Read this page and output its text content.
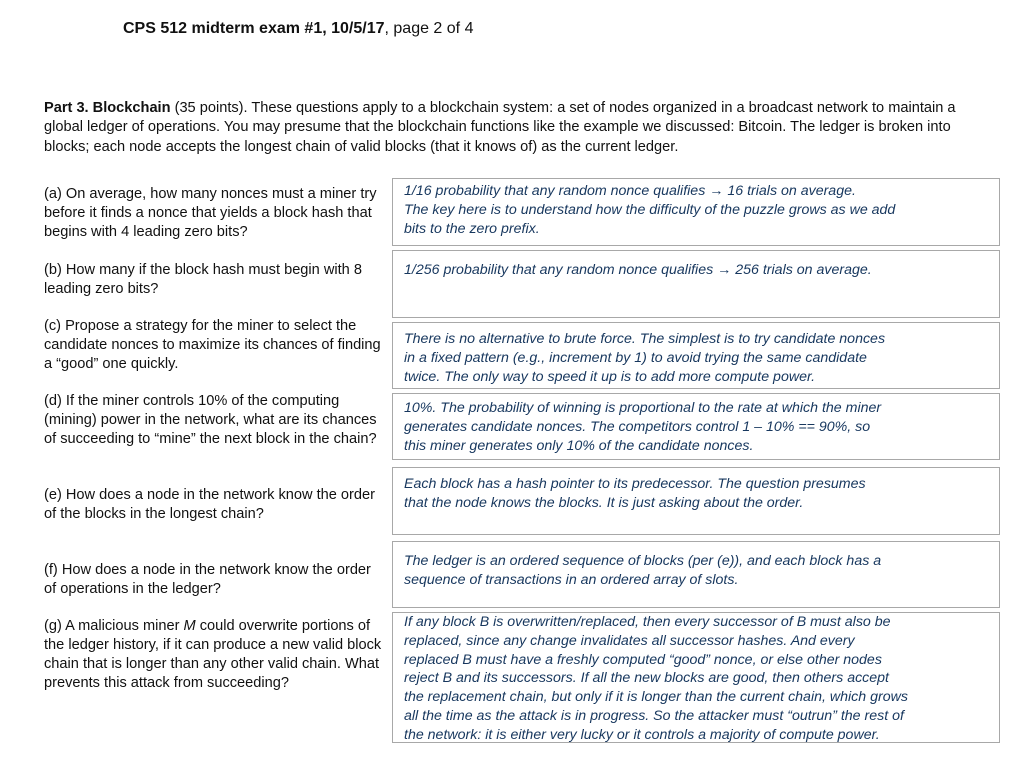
CPS 512 midterm exam #1, 10/5/17, page 2 of 4
Part 3. Blockchain (35 points). These questions apply to a blockchain system: a set of nodes organized in a broadcast network to maintain a global ledger of operations. You may presume that the blockchain functions like the example we discussed: Bitcoin. The ledger is broken into blocks; each node accepts the longest chain of valid blocks (that it knows of) as the current ledger.
(a) On average, how many nonces must a miner try before it finds a nonce that yields a block hash that begins with 4 leading zero bits?
(b) How many if the block hash must begin with 8 leading zero bits?
(c) Propose a strategy for the miner to select the candidate nonces to maximize its chances of finding a “good” one quickly.
(d) If the miner controls 10% of the computing (mining) power in the network, what are its chances of succeeding to “mine” the next block in the chain?
(e) How does a node in the network know the order of the blocks in the longest chain?
(f) How does a node in the network know the order of operations in the ledger?
(g) A malicious miner M could overwrite portions of the ledger history, if it can produce a new valid block chain that is longer than any other valid chain. What prevents this attack from succeeding?
1/16 probability that any random nonce qualifies → 16 trials on average.
The key here is to understand how the difficulty of the puzzle grows as we add
bits to the zero prefix.
1/256 probability that any random nonce qualifies → 256 trials on average.
There is no alternative to brute force. The simplest is to try candidate nonces
in a fixed pattern (e.g., increment by 1) to avoid trying the same candidate
twice. The only way to speed it up is to add more compute power.
10%. The probability of winning is proportional to the rate at which the miner
generates candidate nonces. The competitors control 1 – 10% == 90%, so
this miner generates only 10% of the candidate nonces.
Each block has a hash pointer to its predecessor. The question presumes
that the node knows the blocks. It is just asking about the order.
The ledger is an ordered sequence of blocks (per (e)), and each block has a
sequence of transactions in an ordered array of slots.
If any block B is overwritten/replaced, then every successor of B must also be
replaced, since any change invalidates all successor hashes. And every
replaced B must have a freshly computed “good” nonce, or else other nodes
reject B and its successors. If all the new blocks are good, then others accept
the replacement chain, but only if it is longer than the current chain, which grows
all the time as the attack is in progress. So the attacker must “outrun” the rest of
the network: it is either very lucky or it controls a majority of compute power.
